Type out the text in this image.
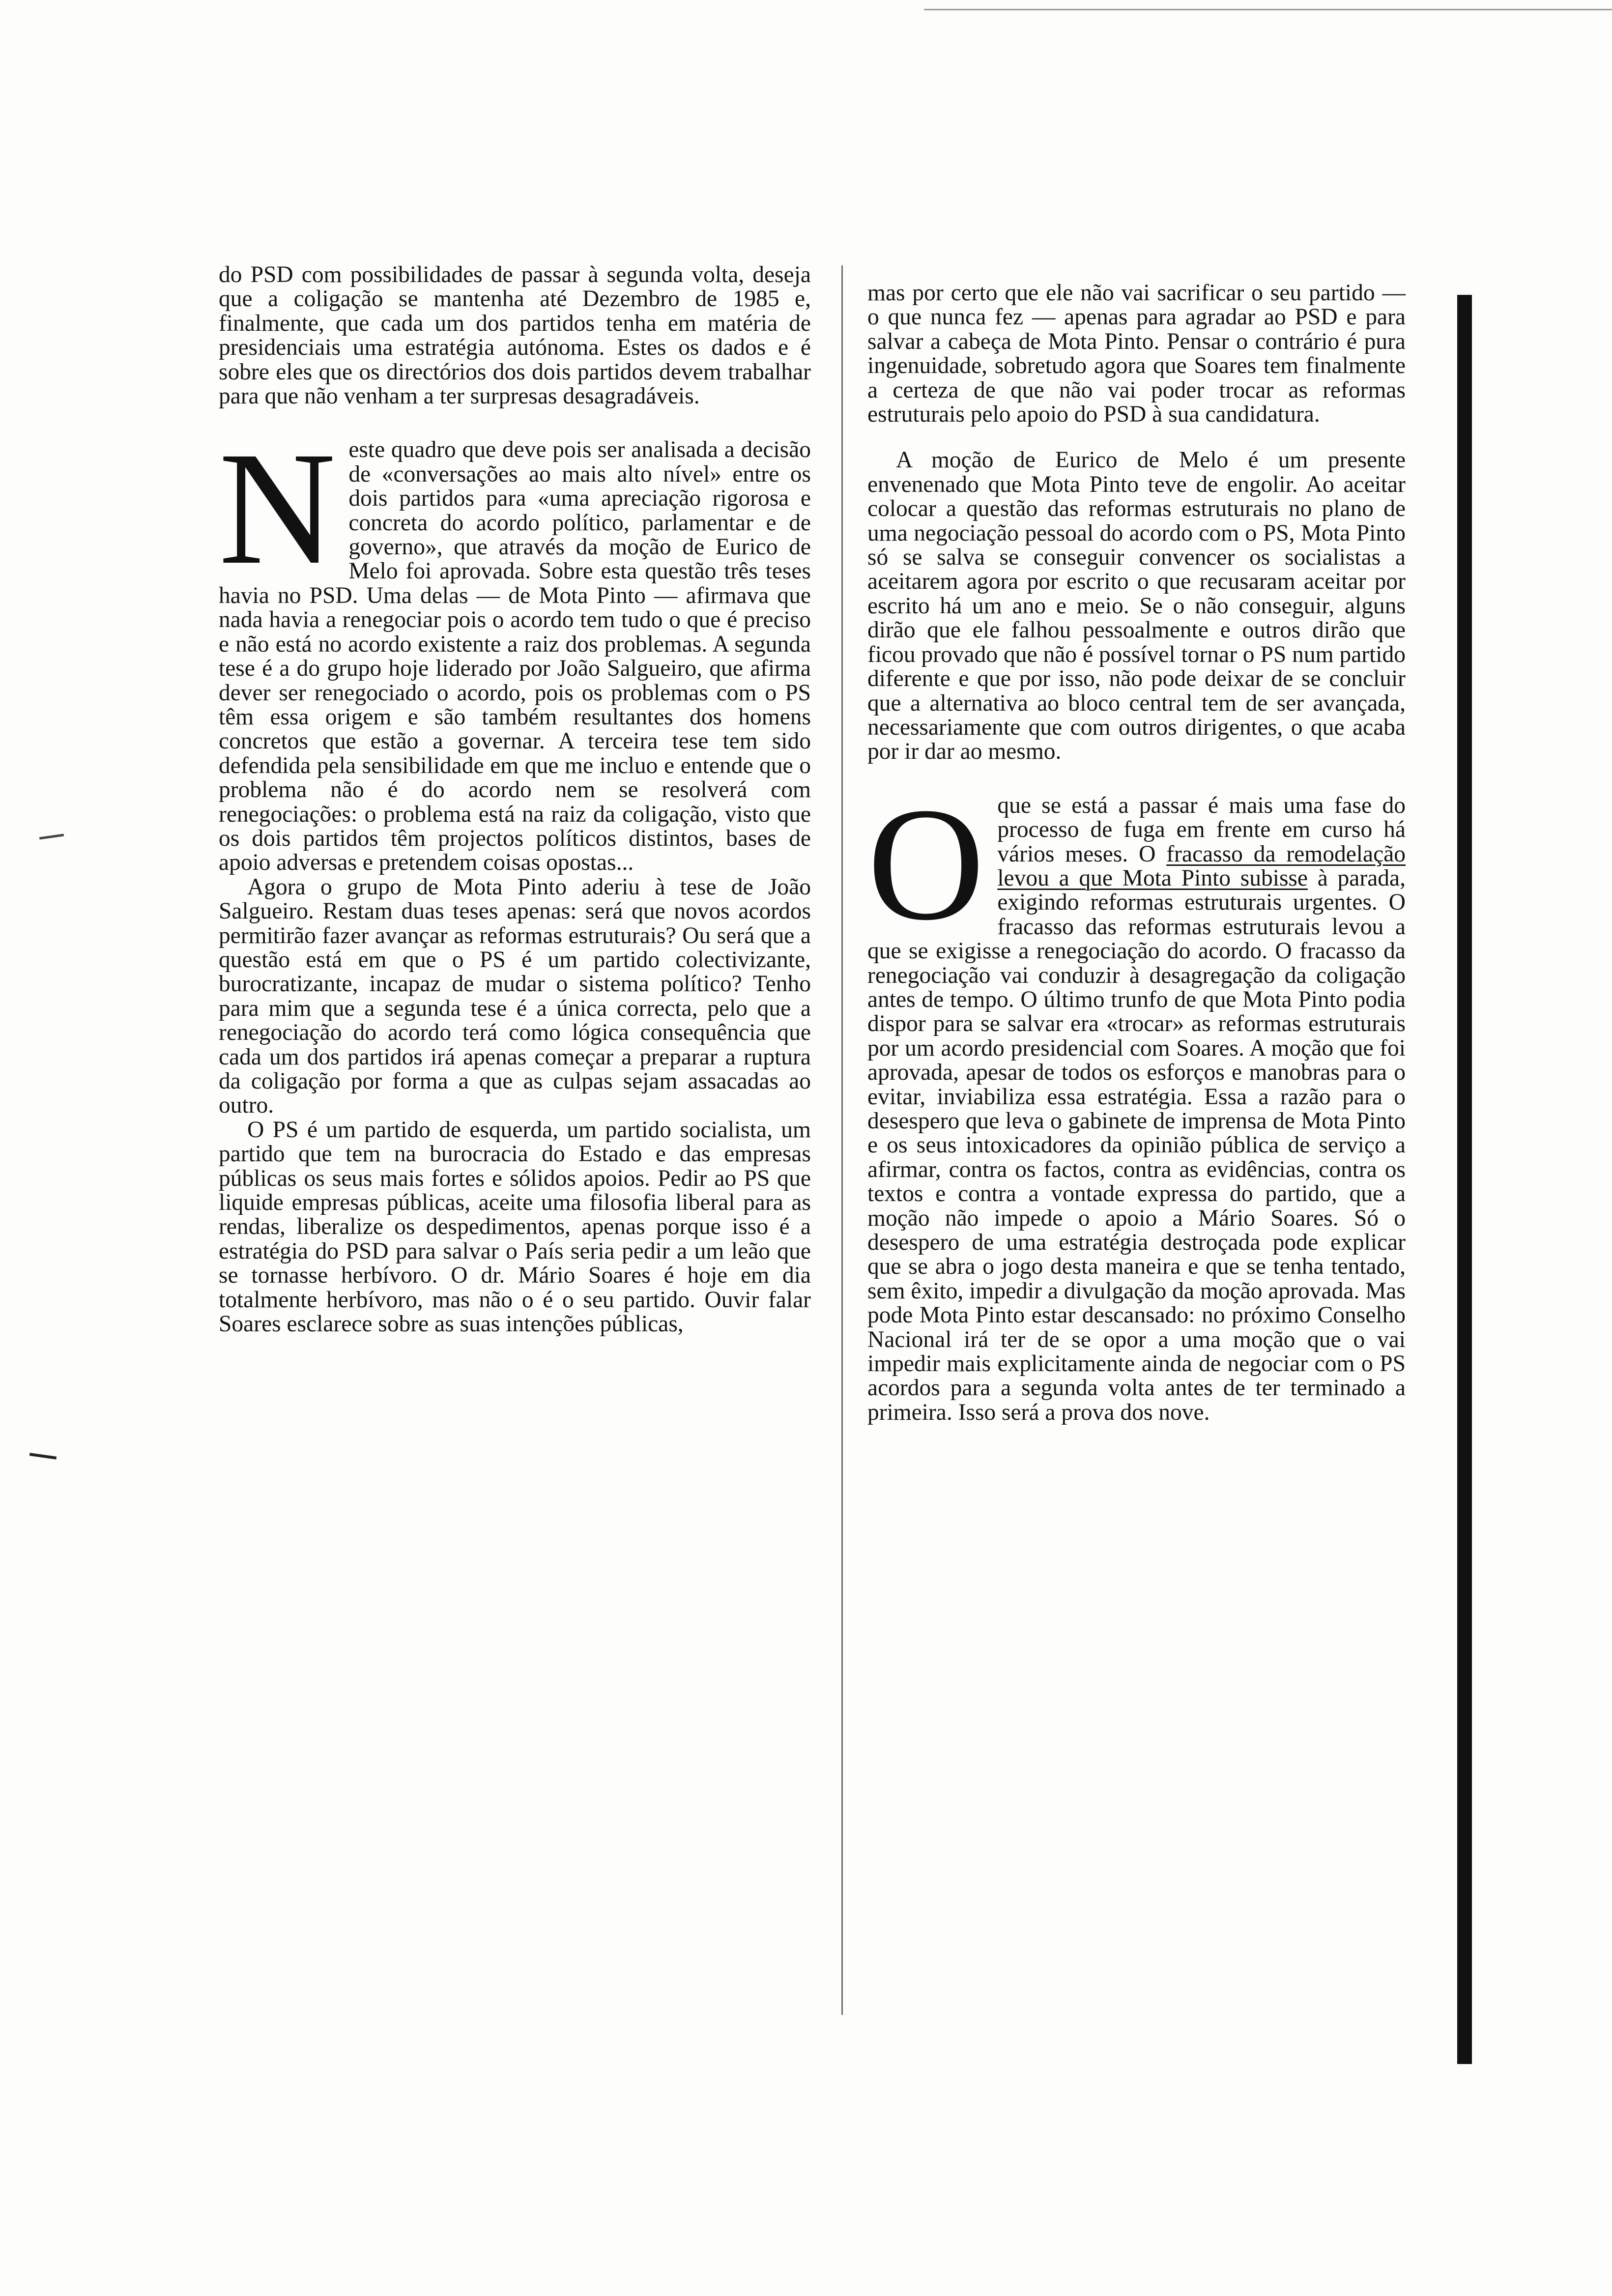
do PSD com possibilidades de passar à segunda volta, deseja que a coligação se mantenha até Dezembro de 1985 e, finalmente, que cada um dos partidos tenha em matéria de presidenciais uma estratégia autónoma. Estes os dados e é sobre eles que os directórios dos dois partidos devem trabalhar para que não venham a ter surpresas desagradáveis.

N este quadro que deve pois ser analisada a decisão de «conversações ao mais alto nível» entre os dois partidos para «uma apreciação rigorosa e concreta do acordo político, parlamentar e de governo», que através da moção de Eurico de Melo foi aprovada. Sobre esta questão três teses havia no PSD. Uma delas — de Mota Pinto — afirmava que nada havia a renegociar pois o acordo tem tudo o que é preciso e não está no acordo existente a raiz dos problemas. A segunda tese é a do grupo hoje liderado por João Salgueiro, que afirma dever ser renegociado o acordo, pois os problemas com o PS têm essa origem e são também resultantes dos homens concretos que estão a governar. A terceira tese tem sido defendida pela sensibilidade em que me incluo e entende que o problema não é do acordo nem se resolverá com renegociações: o problema está na raiz da coligação, visto que os dois partidos têm projectos políticos distintos, bases de apoio adversas e pretendem coisas opostas...

Agora o grupo de Mota Pinto aderiu à tese de João Salgueiro. Restam duas teses apenas: será que novos acordos permitirão fazer avançar as reformas estruturais? Ou será que a questão está em que o PS é um partido colectivizante, burocratizante, incapaz de mudar o sistema político? Tenho para mim que a segunda tese é a única correcta, pelo que a renegociação do acordo terá como lógica consequência que cada um dos partidos irá apenas começar a preparar a ruptura da coligação por forma a que as culpas sejam assacadas ao outro.

O PS é um partido de esquerda, um partido socialista, um partido que tem na burocracia do Estado e das empresas públicas os seus mais fortes e sólidos apoios. Pedir ao PS que liquide empresas públicas, aceite uma filosofia liberal para as rendas, liberalize os despedimentos, apenas porque isso é a estratégia do PSD para salvar o País seria pedir a um leão que se tornasse herbívoro. O dr. Mário Soares é hoje em dia totalmente herbívoro, mas não o é o seu partido. Ouvir falar Soares esclarece sobre as suas intenções públicas,

mas por certo que ele não vai sacrificar o seu partido — o que nunca fez — apenas para agradar ao PSD e para salvar a cabeça de Mota Pinto. Pensar o contrário é pura ingenuidade, sobretudo agora que Soares tem finalmente a certeza de que não vai poder trocar as reformas estruturais pelo apoio do PSD à sua candidatura.

A moção de Eurico de Melo é um presente envenenado que Mota Pinto teve de engolir. Ao aceitar colocar a questão das reformas estruturais no plano de uma negociação pessoal do acordo com o PS, Mota Pinto só se salva se conseguir convencer os socialistas a aceitarem agora por escrito o que recusaram aceitar por escrito há um ano e meio. Se o não conseguir, alguns dirão que ele falhou pessoalmente e outros dirão que ficou provado que não é possível tornar o PS num partido diferente e que por isso, não pode deixar de se concluir que a alternativa ao bloco central tem de ser avançada, necessariamente que com outros dirigentes, o que acaba por ir dar ao mesmo.

O que se está a passar é mais uma fase do processo de fuga em frente em curso há vários meses. O fracasso da remodelação levou a que Mota Pinto subisse à parada, exigindo reformas estruturais urgentes. O fracasso das reformas estruturais levou a que se exigisse a renegociação do acordo. O fracasso da renegociação vai conduzir à desagregação da coligação antes de tempo. O último trunfo de que Mota Pinto podia dispor para se salvar era «trocar» as reformas estruturais por um acordo presidencial com Soares. A moção que foi aprovada, apesar de todos os esforços e manobras para o evitar, inviabiliza essa estratégia. Essa a razão para o desespero que leva o gabinete de imprensa de Mota Pinto e os seus intoxicadores da opinião pública de serviço a afirmar, contra os factos, contra as evidências, contra os textos e contra a vontade expressa do partido, que a moção não impede o apoio a Mário Soares. Só o desespero de uma estratégia destroçada pode explicar que se abra o jogo desta maneira e que se tenha tentado, sem êxito, impedir a divulgação da moção aprovada. Mas pode Mota Pinto estar descansado: no próximo Conselho Nacional irá ter de se opor a uma moção que o vai impedir mais explicitamente ainda de negociar com o PS acordos para a segunda volta antes de ter terminado a primeira. Isso será a prova dos nove.
